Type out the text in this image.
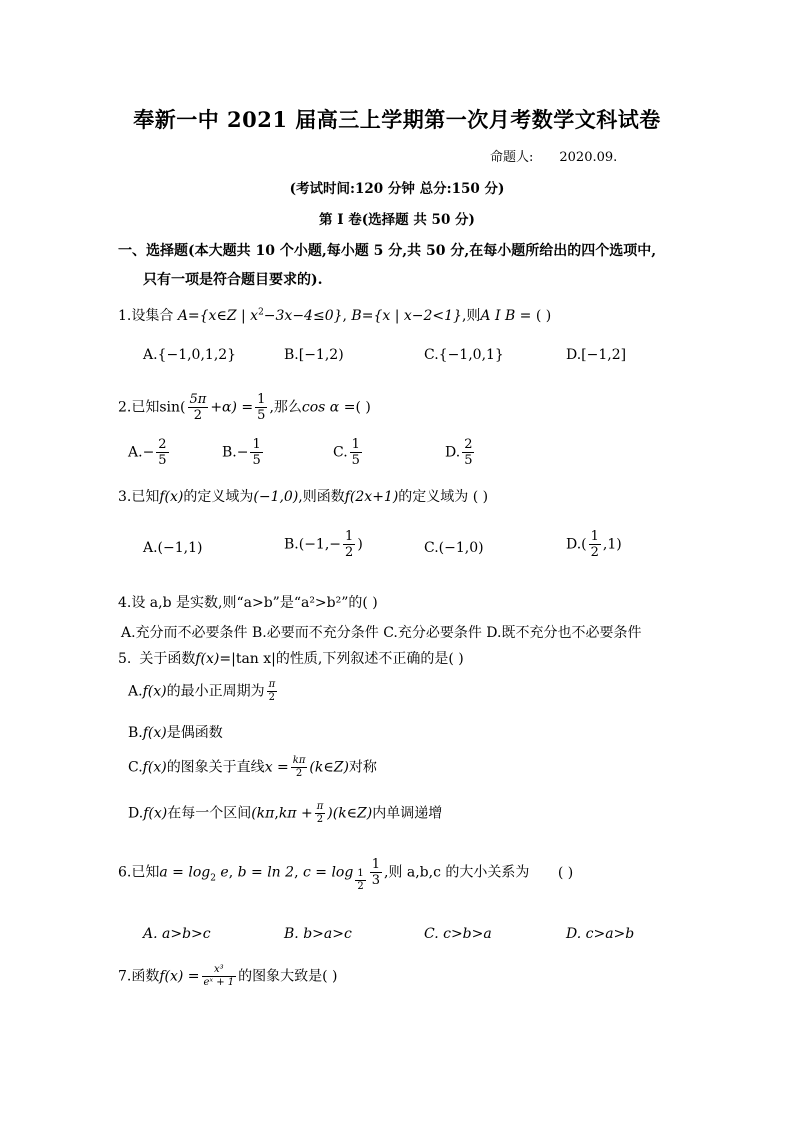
奉新一中 2021 届高三上学期第一次月考数学文科试卷
命题人: 2020.09.
(考试时间:120 分钟 总分:150 分)
第 I 卷(选择题 共 50 分)
一、选择题(本大题共 10 个小题,每小题 5 分,共 50 分,在每小题所给出的四个选项中,
只有一项是符合题目要求的).
1.设集合 A={x∈Z | $x^2-3x-4\le 0$}, B={x | x−2<1},则A I B = ( )
A.{−1,0,1,2}	B.[−1,2)	C.{−1,0,1}	D.[−1,2]
2.已知$\sin( \frac{5\pi}{2} +\alpha) = \frac{1}{5}$ ,那么cos α =( )
$A.- \frac{2}{5}$	$B.- \frac{1}{5}$	C. $\frac{1}{5}$	D. $\frac{2}{5}$
3.已知f(x)的定义域为(−1,0),则函数f(2x+1)的定义域为 ( )
A.(−1,1)	$B.(-1,- \frac{1}{2}$ )	C.(−1,0)	$D.( \frac{1}{2} ,1)$
4.设 a,b 是实数,则“a>b”是“a²>b²”的( )
A.充分而不必要条件 B.必要而不充分条件 C.充分必要条件 D.既不充分也不必要条件
5. 关于函数f(x)=|tan x|的性质,下列叙述不正确的是( )
A.f(x)的最小正周期为 $\frac{\pi}{2}$
B.f(x)是偶函数
C.f(x)的图象关于直线$x = \frac{k\pi}{2}$ (k∈Z)对称
D.f(x)在每一个区间($k\pi,k\pi + \frac{\pi}{2}$ )(k∈Z)内单调递增
6.已知$a = \log_2 e$, b = ln 2, $c = \log \frac{1}{2} \frac{1}{3}$ ,则 a,b,c 的大小关系为 ( )
A. a>b>c	B. b>a>c	C. c>b>a	D. c>a>b
7.函数$f(x) = \frac{\text{x³}}{\text{eˣ + 1}}$ 的图象大致是( )
